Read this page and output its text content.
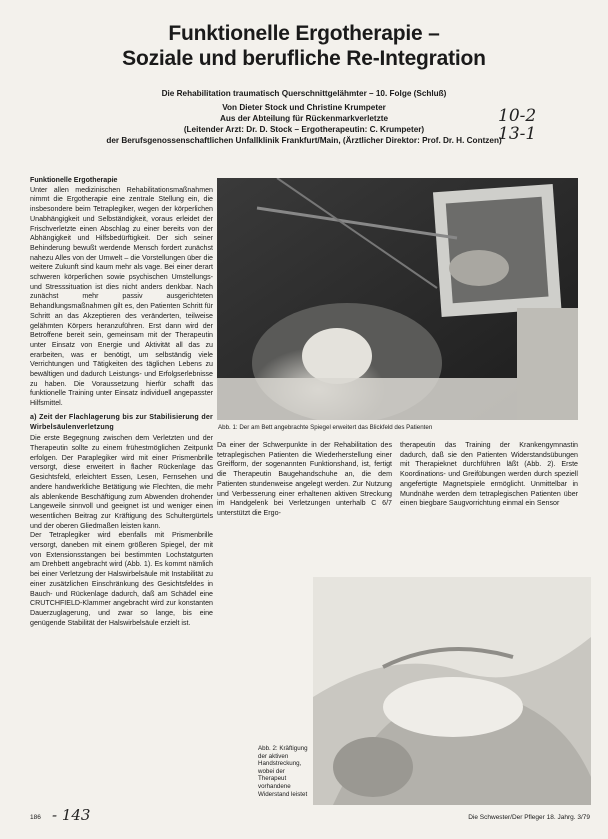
Funktionelle Ergotherapie –
Soziale und berufliche Re-Integration
Die Rehabilitation traumatisch Querschnittgelähmter – 10. Folge (Schluß)
Von Dieter Stock und Christine Krumpeter
Aus der Abteilung für Rückenmarkverletzte
(Leitender Arzt: Dr. D. Stock – Ergotherapeutin: C. Krumpeter)
der Berufsgenossenschaftlichen Unfallklinik Frankfurt/Main, (Ärztlicher Direktor: Prof. Dr. H. Contzen)
10-2
13-1

Funktionelle Ergotherapie

Unter allen medizinischen Rehabilitationsmaßnahmen nimmt die Ergotherapie eine zentrale Stellung ein, die insbesondere beim Tetraplegiker, wegen der körperlichen Unabhängigkeit und Selbständigkeit, voraus erleidet der Frischverletzte einen Abschlag zu einer bereits von der Abhängigkeit und Hilfsbedürftigkeit. Der sich seiner Behinderung bewußt werdende Mensch fordert zunächst nahezu Alles von der Umwelt – die Vorstellungen über die weitere Zukunft sind kaum mehr als vage. Bei einer derart schweren körperlichen sowie psychischen Umstellungs- und Stresssituation ist dies nicht anders denkbar. Nach zunächst mehr passiv ausgerichteten Behandlungsmaßnahmen gilt es, den Patienten Schritt für Schritt an das Akzeptieren des veränderten, teilweise gelähmten Körpers heranzuführen. Erst dann wird der Betroffene bereit sein, gemeinsam mit der Therapeutin unter Einsatz von Energie und Aktivität all das zu erarbeiten, was er benötigt, um selbständig viele Verrichtungen und Tätigkeiten des täglichen Lebens zu bewältigen und dadurch Leistungs- und Erfolgserlebnisse zu haben. Die Voraussetzung hierfür schafft das funktionelle Training unter Einsatz individuell angepasster Hilfsmittel.

a) Zeit der Flachlagerung bis zur Stabilisierung der Wirbelsäulenverletzung

Die erste Begegnung zwischen dem Verletzten und der Therapeutin sollte zu einem frühestmöglichen Zeitpunkt erfolgen. Der Paraplegiker wird mit einer Prismenbrille versorgt, diese erweitert in flacher Rückenlage das Gesichtsfeld, erleichtert Essen, Lesen, Fernsehen und andere handwerkliche Betätigung wie Flechten, die mehr als ablenkende Beschäftigung zum Abwenden drohender Langeweile sinnvoll und geeignet ist und weniger einen wesentlichen Beitrag zur Kräftigung des Schultergürtels und der oberen Gliedmaßen leisten kann.

Der Tetraplegiker wird ebenfalls mit Prismenbrille versorgt, daneben mit einem größeren Spiegel, der mit von Extensionsstangen bei bestimmten Lochstatgurten am Drehbett angebracht wird (Abb. 1). Es kommt nämlich bei einer Verletzung der Halswirbelsäule mit Instabilität zu einer zusätzlichen Einschränkung des Gesichtsfeldes in Bauch- und Rückenlage dadurch, daß am Schädel eine CRUTCHFIELD-Klammer angebracht wird zur konstanten Dauerzuglagerung, und zwar so lange, bis eine genügende Stabilität der Halswirbelsäule erzielt ist.

Abb. 1: Der am Bett angebrachte Spiegel erweitert das Blickfeld des Patienten

Da einer der Schwerpunkte in der Rehabilitation des tetraplegischen Patienten die Wiederherstellung einer Greifform, der sogenannten Funktionshand, ist, fertigt die Therapeutin Baugehandschuhe an, die dem Patienten stundenweise angelegt werden. Zur Nutzung und Verbesserung einer erhaltenen aktiven Streckung im Handgelenk bei Verletzungen unterhalb C 6/7 unterstützt die Ergo-

therapeutin das Training der Krankengymnastin dadurch, daß sie den Patienten Widerstandsübungen mit Therapieknet durchführen läßt (Abb. 2). Erste Koordinations- und Greifübungen werden durch speziell angefertigte Magnetspiele ermöglicht. Unmittelbar in Mundnähe werden dem tetraplegischen Patienten über einen biegbare Saugvorrichtung einmal ein Sensor

Abb. 2: Kräftigung der aktiven Handstreckung, wobei der Therapeut vorhandene Widerstand leistet
186 - 143	Die Schwester/Der Pfleger 18. Jahrg. 3/79
